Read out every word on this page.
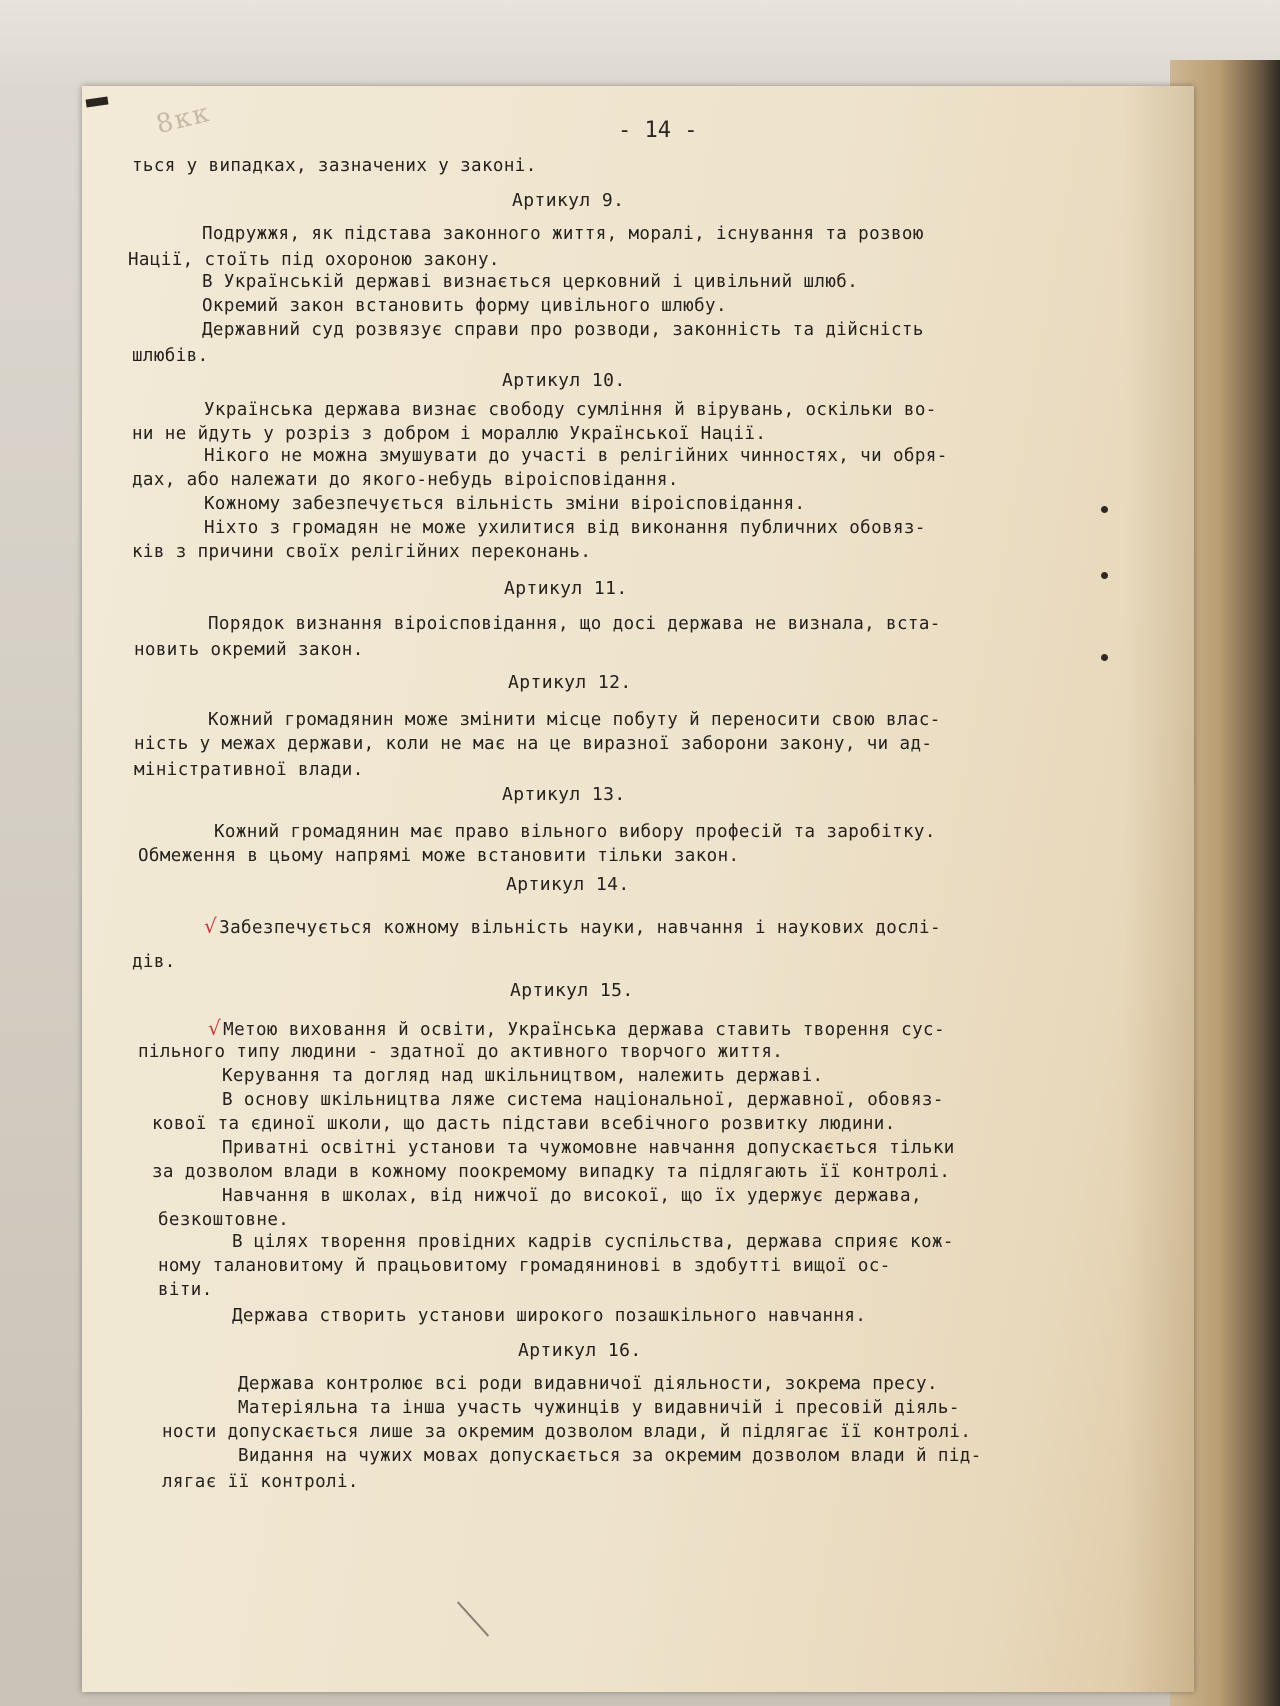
8кк	- 14 -
ться у випадках, зазначених у законі.
Артикул 9.
Подружжя, як підстава законного життя, моралі, існування та розвою
Нації, стоїть під охороною закону.
В Українській державі визнається церковний і цивільний шлюб.
Окремий закон встановить форму цивільного шлюбу.
Державний суд розвязує справи про розводи, законність та дійсність
шлюбів.
Артикул 10.
Українська держава визнає свободу сумління й вірувань, оскільки во-
ни не йдуть у розріз з добром і мораллю Української Нації.
Нікого не можна змушувати до участі в релігійних чинностях, чи обря-
дах, або належати до якого-небудь віроісповідання.
Кожному забезпечується вільність зміни віроісповідання.
Ніхто з громадян не може ухилитися від виконання публичних обовяз-
ків з причини своїх релігійних переконань.
Артикул 11.
Порядок визнання віроісповідання, що досі держава не визнала, вста-
новить окремий закон.
Артикул 12.
Кожний громадянин може змінити місце побуту й переносити свою влас-
ність у межах держави, коли не має на це виразної заборони закону, чи ад-
міністративної влади.
Артикул 13.
Кожний громадянин має право вільного вибору професій та заробітку.
Обмеження в цьому напрямі може встановити тільки закон.
Артикул 14.
√ Забезпечується кожному вільність науки, навчання і наукових дослі-
дів.
Артикул 15.
√ Метою виховання й освіти, Українська держава ставить творення сус-
пільного типу людини - здатної до активного творчого життя.
Керування та догляд над шкільництвом, належить державі.
В основу шкільництва ляже система національної, державної, обовяз-
кової та єдиної школи, що дасть підстави всебічного розвитку людини.
Приватні освітні установи та чужомовне навчання допускається тільки
за дозволом влади в кожному поокремому випадку та підлягають її контролі.
Навчання в школах, від нижчої до високої, що їх удержує держава,
безкоштовне.
В цілях творення провідних кадрів суспільства, держава сприяє кож-
ному талановитому й працьовитому громадянинові в здобутті вищої ос-
віти.
Держава створить установи широкого позашкільного навчання.
Артикул 16.
Держава контролює всі роди видавничої діяльности, зокрема пресу.
Матеріяльна та інша участь чужинців у видавничій і пресовій діяль-
ности допускається лише за окремим дозволом влади, й підлягає її контролі.
Видання на чужих мовах допускається за окремим дозволом влади й під-
лягає її контролі.
